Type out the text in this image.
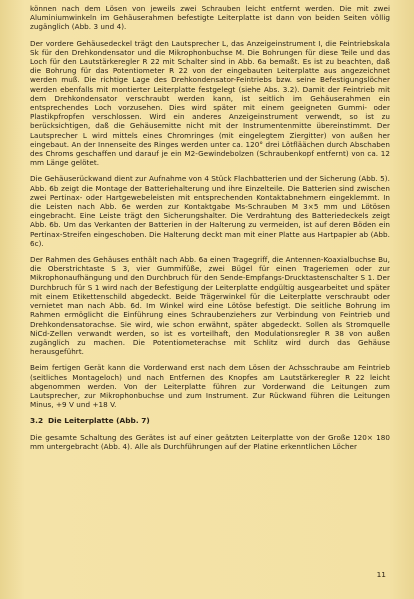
können nach dem Lösen von jeweils zwei Schrauben leicht entfernt werden. Die mit zwei Aluminiumwinkeln im Gehäuserahmen befestigte Leiterplatte ist dann von beiden Seiten völlig zugänglich (Abb. 3 und 4).

Der vordere Gehäusedeckel trägt den Lautsprecher L, das Anzeigeinstrument I, die Feintriebskala Sk für den Drehkondensator und die Mikrophonbuchse M. Die Bohrungen für diese Teile und das Loch für den Lautstärkeregler R 22 mit Schalter sind in Abb. 6a bemaßt. Es ist zu beachten, daß die Bohrung für das Potentiometer R 22 von der eingebauten Leiterplatte aus angezeichnet werden muß. Die richtige Lage des Drehkondensator-Feintriebs bzw. seine Befestigungslöcher werden ebenfalls mit montierter Leiterplatte festgelegt (siehe Abs. 3.2). Damit der Feintrieb mit dem Drehkondensator verschraubt werden kann, ist seitlich im Gehäuserahmen ein entsprechendes Loch vorzusehen. Dies wird später mit einem geeigneten Gummi- oder Plastikpfropfen verschlossen. Wird ein anderes Anzeigeinstrument verwendt, so ist zu berücksichtigen, daß die Gehäusemitte nicht mit der Instrumentenmitte übereinstimmt. Der Lautsprecher L wird mittels eines Chromringes (mit eingelegtem Ziergitter) von außen her eingebaut. An der Innenseite des Ringes werden unter ca. 120° drei Lötfläächen durch Abschaben des Chroms geschaffen und darauf je ein M2-Gewindebolzen (Schraubenkopf entfernt) von ca. 12 mm Länge gelötet.

Die Gehäuserückwand dient zur Aufnahme von 4 Stück Flachbatterien und der Sicherung (Abb. 5). Abb. 6b zeigt die Montage der Batteriehalterung und ihre Einzelteile. Die Batterien sind zwischen zwei Pertinax- oder Hartgewebeleisten mit entsprechenden Kontaktabnehmern eingeklemmt. In die Leisten nach Abb. 6e werden zur Kontaktgabe Ms-Schrauben M 3×5 mm und Lötösen eingebracht. Eine Leiste trägt den Sicherungshalter. Die Verdrahtung des Batteriedeckels zeigt Abb. 6b. Um das Verkanten der Batterien in der Halterung zu vermeiden, ist auf deren Böden ein Pertinax-Streifen eingeschoben. Die Halterung deckt man mit einer Platte aus Hartpapier ab (Abb. 6c).

Der Rahmen des Gehäuses enthält nach Abb. 6a einen Tragegriff, die Antennen-Koaxialbuchse Bu, die Oberstrichtaste S 3, vier Gummifüße, zwei Bügel für einen Trageriemen oder zur Mikrophonaufhängung und den Durchbruch für den Sende-Empfangs-Drucktastenschalter S 1. Der Durchbruch für S 1 wird nach der Befestigung der Leiterplatte endgültig ausgearbeitet und später mit einem Etikettenschild abgedeckt. Beide Trägerwinkel für die Leiterplatte verschraubt oder vernietet man nach Abb. 6d. Im Winkel wird eine Lötöse befestigt. Die seitliche Bohrung im Rahmen ermöglicht die Einführung eines Schraubenziehers zur Verbindung von Feintrieb und Drehkondensatorachse. Sie wird, wie schon erwähnt, später abgedeckt. Sollen als Stromquelle NiCd-Zellen verwandt werden, so ist es vorteilhaft, den Modulationsregler R 38 von außen zugänglich zu machen. Die Potentiometerachse mit Schlitz wird durch das Gehäuse herausgeführt.

Beim fertigen Gerät kann die Vorderwand erst nach dem Lösen der Achsschraube am Feintrieb (seitliches Montageloch) und nach Entfernen des Knopfes am Lautstärkeregler R 22 leicht abgenommen werden. Von der Leiterplatte führen zur Vorderwand die Leitungen zum Lautsprecher, zur Mikrophonbuchse und zum Instrument. Zur Rückwand führen die Leitungen Minus, +9 V und +18 V.

3.2 Die Leiterplatte (Abb. 7)

Die gesamte Schaltung des Gerätes ist auf einer geätzten Leiterplatte von der Große 120× 180 mm untergebracht (Abb. 4). Alle als Durchführungen auf der Platine erkenntlichen Löcher

11
